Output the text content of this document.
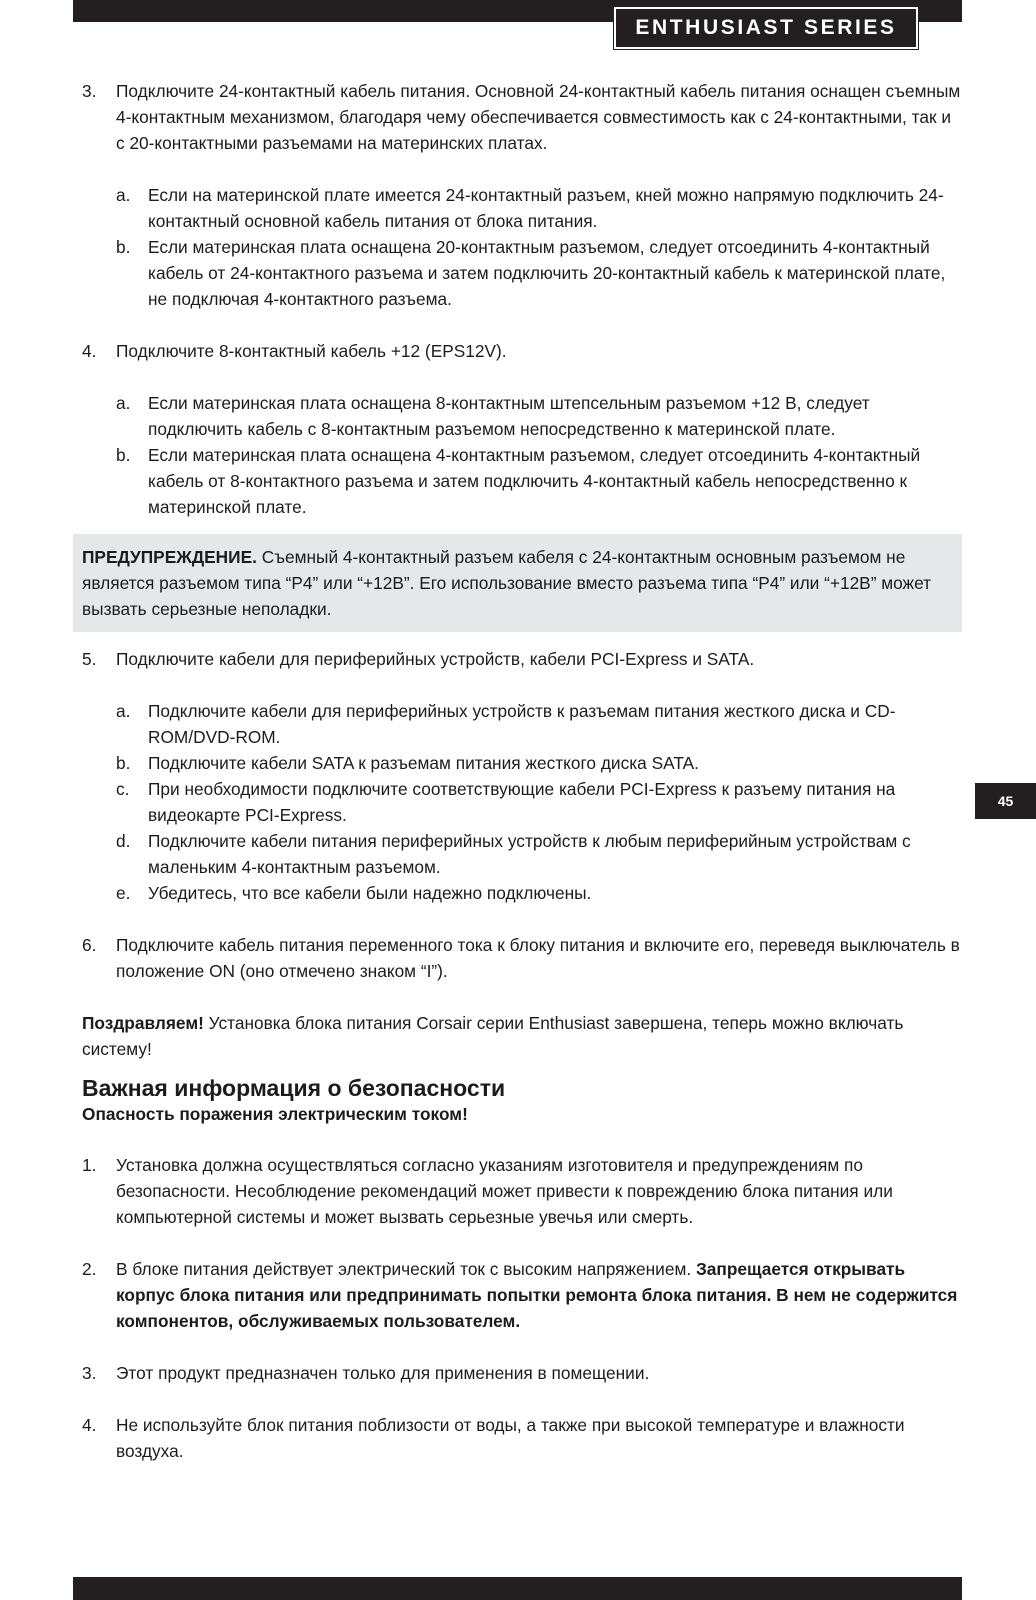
ENTHUSIAST SERIES
45
3. Подключите 24-контактный кабель питания. Основной 24-контактный кабель питания оснащен съемным 4-контактным механизмом, благодаря чему обеспечивается совместимость как с 24-контактными, так и с 20-контактными разъемами на материнских платах.
a. Если на материнской плате имеется 24-контактный разъем, кней можно напрямую подключить 24-контактный основной кабель питания от блока питания.
b. Если материнская плата оснащена 20-контактным разъемом, следует отсоединить 4-контактный кабель от 24-контактного разъема и затем подключить 20-контактный кабель к материнской плате, не подключая 4-контактного разъема.
4. Подключите 8-контактный кабель +12 (EPS12V).
a. Если материнская плата оснащена 8-контактным штепсельным разъемом +12 В, следует подключить кабель с 8-контактным разъемом непосредственно к материнской плате.
b. Если материнская плата оснащена 4-контактным разъемом, следует отсоединить 4-контактный кабель от 8-контактного разъема и затем подключить 4-контактный кабель непосредственно к материнской плате.
ПРЕДУПРЕЖДЕНИЕ. Съемный 4-контактный разъем кабеля с 24-контактным основным разъемом не является разъемом типа “P4” или “+12В”. Его использование вместо разъема типа “P4” или “+12В” может вызвать серьезные неполадки.
5. Подключите кабели для периферийных устройств, кабели PCI-Express и SATA.
a. Подключите кабели для периферийных устройств к разъемам питания жесткого диска и CD-ROM/DVD-ROM.
b. Подключите кабели SATA к разъемам питания жесткого диска SATA.
c. При необходимости подключите соответствующие кабели PCI-Express к разъему питания на видеокарте PCI-Express.
d. Подключите кабели питания периферийных устройств к любым периферийным устройствам с маленьким 4-контактным разъемом.
e. Убедитесь, что все кабели были надежно подключены.
6. Подключите кабель питания переменного тока к блоку питания и включите его, переведя выключатель в положение ON (оно отмечено знаком “I”).
Поздравляем! Установка блока питания Corsair серии Enthusiast завершена, теперь можно включать систему!
Важная информация о безопасности
Опасность поражения электрическим током!
1. Установка должна осуществляться согласно указаниям изготовителя и предупреждениям по безопасности. Несоблюдение рекомендаций может привести к повреждению блока питания или компьютерной системы и может вызвать серьезные увечья или смерть.
2. В блоке питания действует электрический ток с высоким напряжением. Запрещается открывать корпус блока питания или предпринимать попытки ремонта блока питания. В нем не содержится компонентов, обслуживаемых пользователем.
3. Этот продукт предназначен только для применения в помещении.
4. Не используйте блок питания поблизости от воды, а также при высокой температуре и влажности воздуха.
